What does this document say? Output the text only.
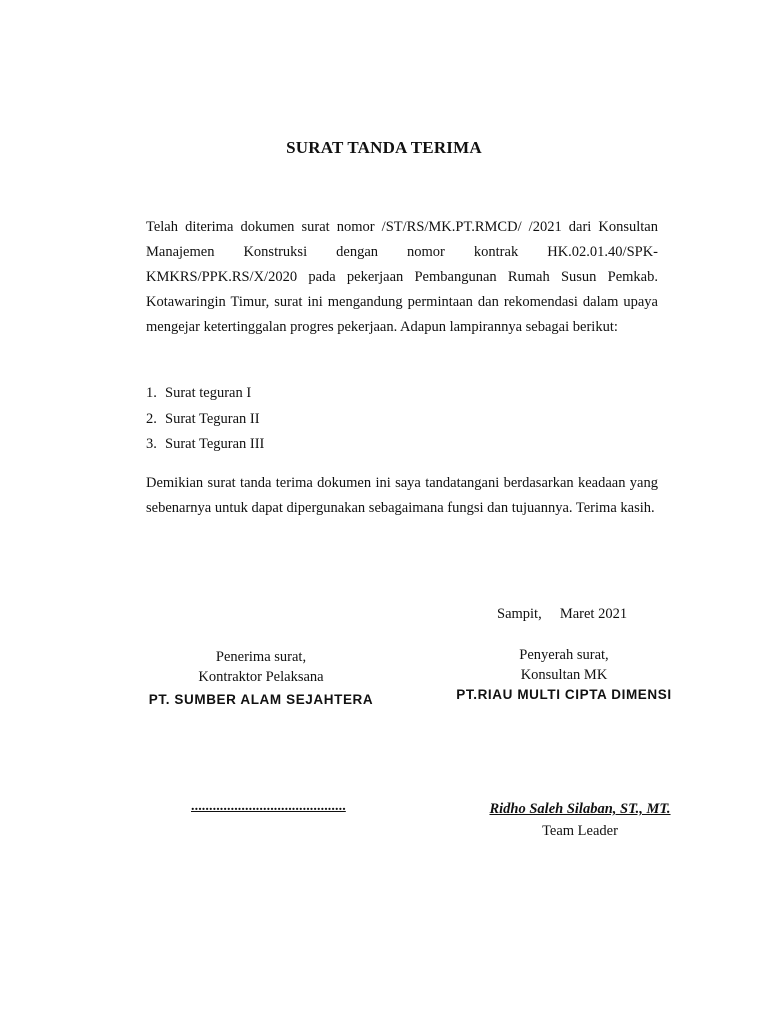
SURAT TANDA TERIMA
Telah diterima dokumen surat nomor /ST/RS/MK.PT.RMCD/ /2021 dari Konsultan Manajemen Konstruksi dengan nomor kontrak HK.02.01.40/SPK-KMKRS/PPK.RS/X/2020 pada pekerjaan Pembangunan Rumah Susun Pemkab. Kotawaringin Timur, surat ini mengandung permintaan dan rekomendasi dalam upaya mengejar ketertinggalan progres pekerjaan. Adapun lampirannya sebagai berikut:
1. Surat teguran I
2. Surat Teguran II
3. Surat Teguran III
Demikian surat tanda terima dokumen ini saya tandatangani berdasarkan keadaan yang sebenarnya untuk dapat dipergunakan sebagaimana fungsi dan tujuannya. Terima kasih.
Sampit,     Maret 2021
Penerima surat,
Kontraktor Pelaksana
PT. SUMBER ALAM SEJAHTERA
Penyerah surat,
Konsultan MK
PT.RIAU MULTI CIPTA DIMENSI
...........................................	Ridho Saleh Silaban, ST., MT.
Team Leader
